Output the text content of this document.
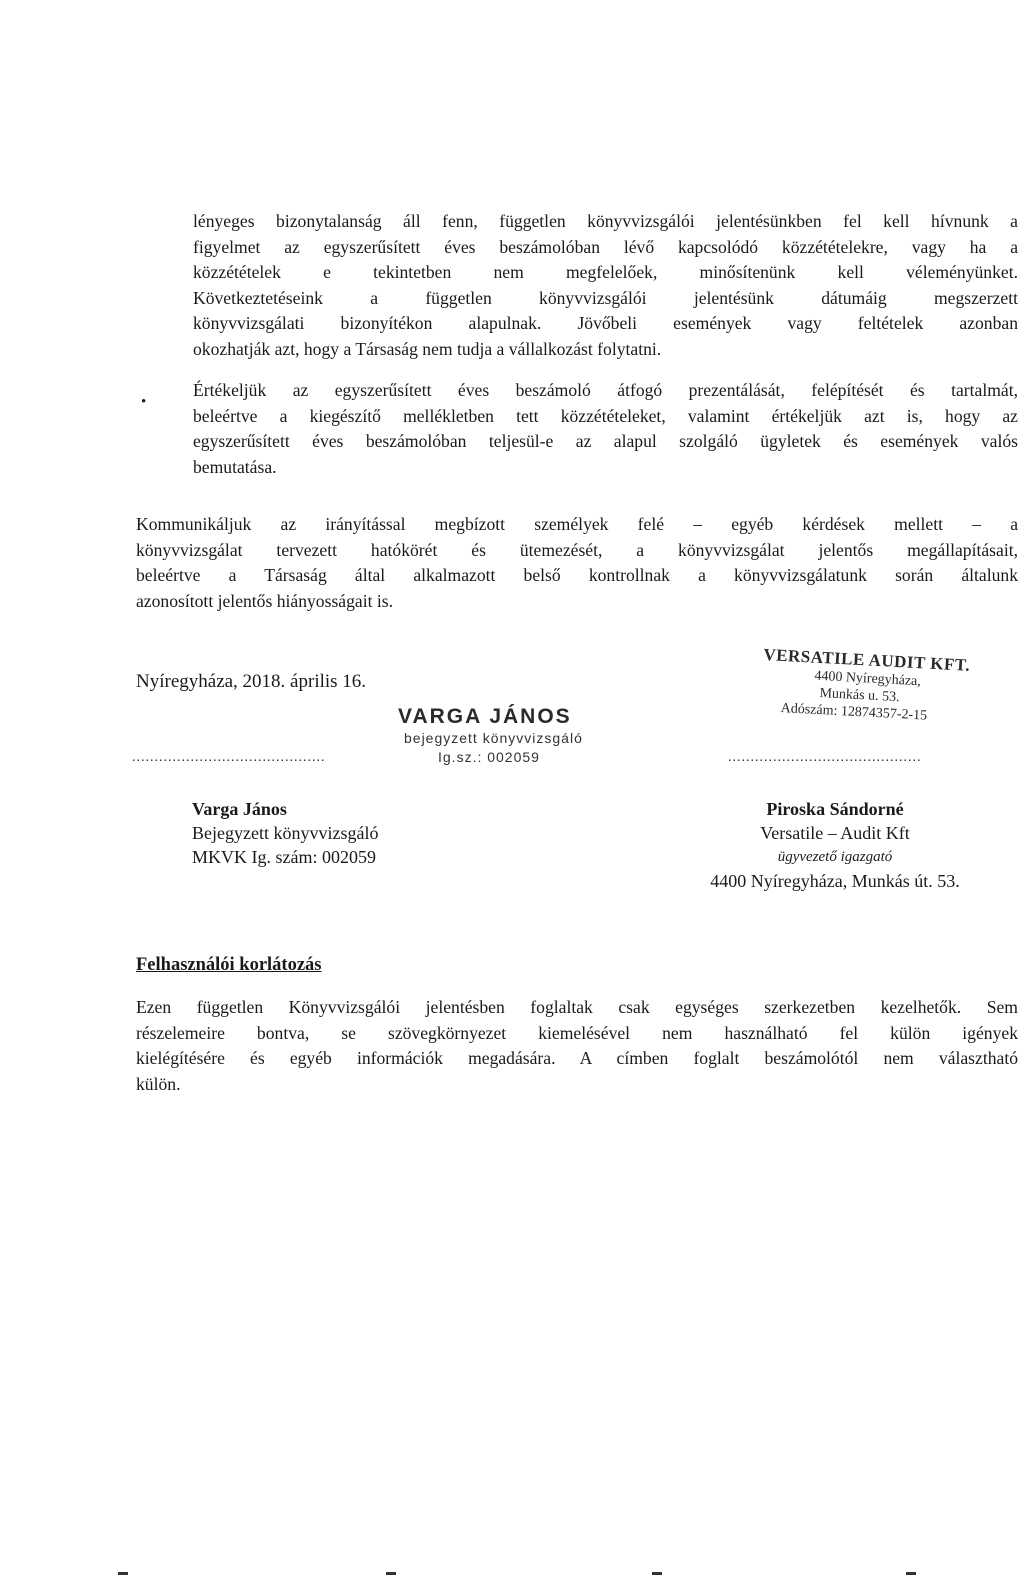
lényeges bizonytalanság áll fenn, független könyvvizsgálói jelentésünkben fel kell hívnunk a
figyelmet az egyszerűsített éves beszámolóban lévő kapcsolódó közzétételekre, vagy ha a
közzétételek e tekintetben nem megfelelőek, minősítenünk kell véleményünket.
Következtetéseink a független könyvvizsgálói jelentésünk dátumáig megszerzett
könyvvizsgálati bizonyítékon alapulnak. Jövőbeli események vagy feltételek azonban
okozhatják azt, hogy a Társaság nem tudja a vállalkozást folytatni.
•
Értékeljük az egyszerűsített éves beszámoló átfogó prezentálását, felépítését és tartalmát,
beleértve a kiegészítő mellékletben tett közzétételeket, valamint értékeljük azt is, hogy az
egyszerűsített éves beszámolóban teljesül-e az alapul szolgáló ügyletek és események valós
bemutatása.
Kommunikáljuk az irányítással megbízott személyek felé – egyéb kérdések mellett – a
könyvvizsgálat tervezett hatókörét és ütemezését, a könyvvizsgálat jelentős megállapításait,
beleértve a Társaság által alkalmazott belső kontrollnak a könyvvizsgálatunk során általunk
azonosított jelentős hiányosságait is.
Nyíregyháza, 2018. április 16.
VARGA JÁNOS
bejegyzett könyvvizsgáló
Ig.sz.: 002059
VERSATILE AUDIT KFT.
4400 Nyíregyháza,
Munkás u. 53.
Adószám: 12874357-2-15
...........................................	...........................................
Varga János
Bejegyzett könyvvizsgáló
MKVK Ig. szám: 002059
Piroska Sándorné
Versatile – Audit Kft
ügyvezető igazgató
4400 Nyíregyháza, Munkás út. 53.
Felhasználói korlátozás
Ezen független Könyvvizsgálói jelentésben foglaltak csak egységes szerkezetben kezelhetők. Sem
részelemeire bontva, se szövegkörnyezet kiemelésével nem használható fel külön igények
kielégítésére és egyéb információk megadására. A címben foglalt beszámolótól nem választható
külön.
